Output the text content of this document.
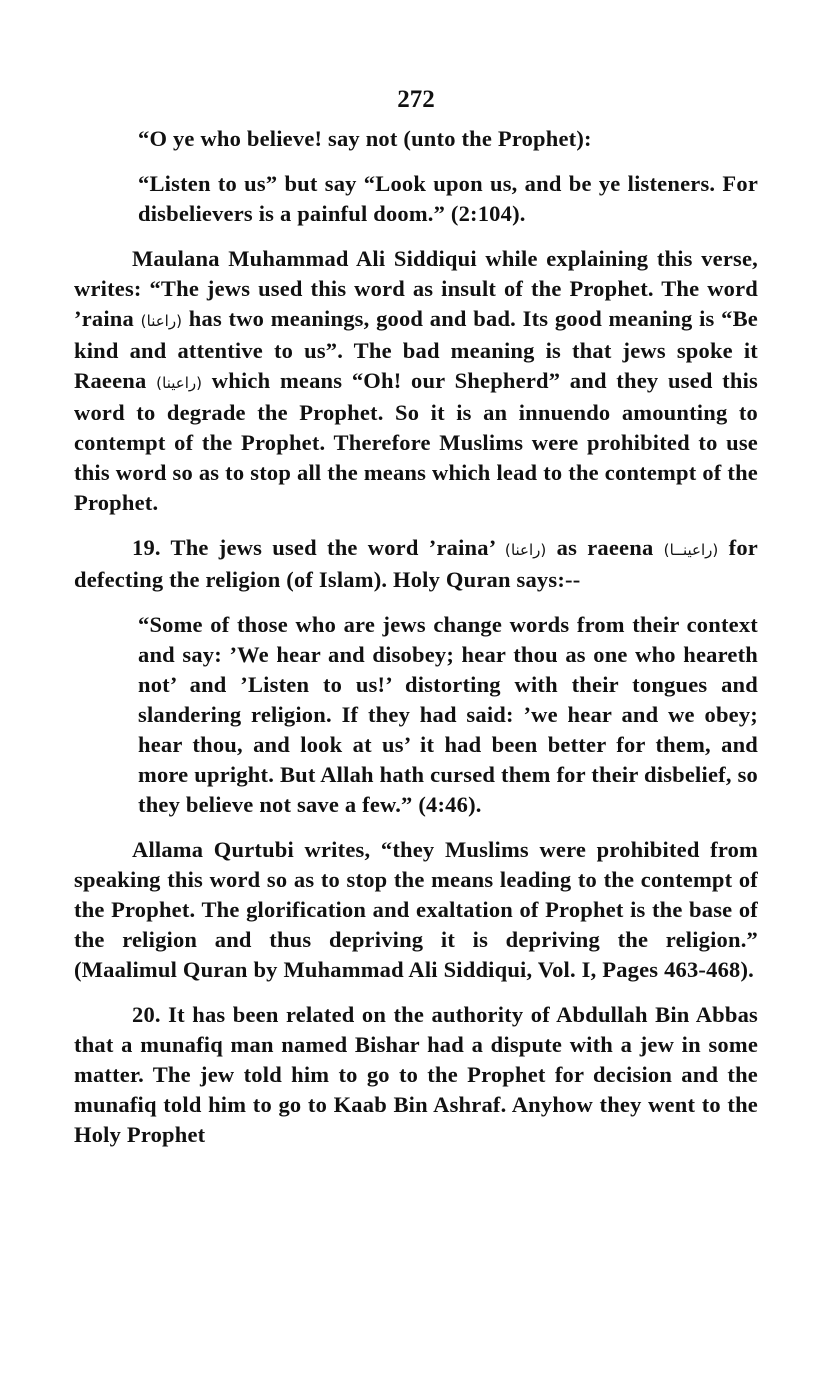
272

“O ye who believe! say not (unto the Prophet):

“Listen to us” but say “Look upon us, and be ye listeners. For disbelievers is a painful doom.” (2:104).

Maulana Muhammad Ali Siddiqui while explaining this verse, writes: “The jews used this word as insult of the Prophet. The word ’raina (راعنا) has two meanings, good and bad. Its good meaning is “Be kind and attentive to us”. The bad meaning is that jews spoke it Raeena (راعينا) which means “Oh! our Shepherd” and they used this word to degrade the Prophet. So it is an innuendo amounting to contempt of the Prophet. Therefore Muslims were prohibited to use this word so as to stop all the means which lead to the contempt of the Prophet.

19. The jews used the word ’raina’ (راعنا) as raeena (راعينــا) for defecting the religion (of Islam). Holy Quran says:--

“Some of those who are jews change words from their context and say: ’We hear and disobey; hear thou as one who heareth not’ and ’Listen to us!’ distorting with their tongues and slandering religion. If they had said: ’we hear and we obey; hear thou, and look at us’ it had been better for them, and more upright. But Allah hath cursed them for their disbelief, so they believe not save a few.” (4:46).

Allama Qurtubi writes, “they Muslims were prohibited from speaking this word so as to stop the means leading to the contempt of the Prophet. The glorification and exaltation of Prophet is the base of the religion and thus depriving it is depriving the religion.” (Maalimul Quran by Muhammad Ali Siddiqui, Vol. I, Pages 463-468).

20. It has been related on the authority of Abdullah Bin Abbas that a munafiq man named Bishar had a dispute with a jew in some matter. The jew told him to go to the Prophet for decision and the munafiq told him to go to Kaab Bin Ashraf. Anyhow they went to the Holy Prophet
